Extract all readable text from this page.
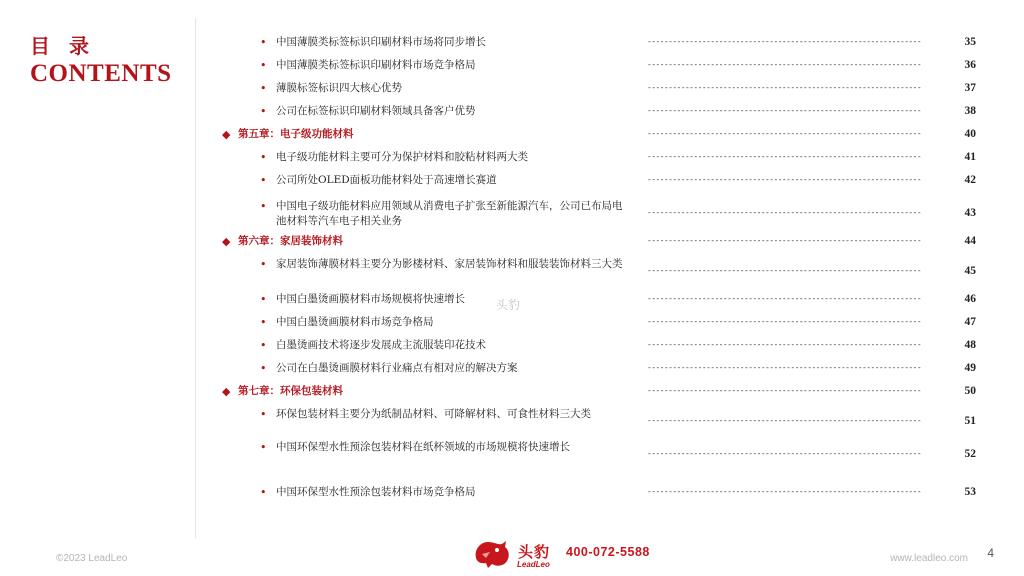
目 录
CONTENTS
• 中国薄膜类标签标识印刷材料市场将同步增长	-----------------------------------------------------------------	35
• 中国薄膜类标签标识印刷材料市场竞争格局	-----------------------------------------------------------------	36
• 薄膜标签标识四大核心优势	-----------------------------------------------------------------	37
• 公司在标签标识印刷材料领域具备客户优势	-----------------------------------------------------------------	38
◆ 第五章：电子级功能材料	-----------------------------------------------------------------	40
• 电子级功能材料主要可分为保护材料和胶粘材料两大类	-----------------------------------------------------------------	41
• 公司所处OLED面板功能材料处于高速增长赛道	-----------------------------------------------------------------	42
• 中国电子级功能材料应用领域从消费电子扩张至新能源汽车，公司已布局电池材料等汽车电子相关业务
-----------------------------------------------------------------	43
◆ 第六章：家居装饰材料	-----------------------------------------------------------------	44
• 家居装饰薄膜材料主要分为影楼材料、家居装饰材料和服装装饰材料三大类
-----------------------------------------------------------------	45
• 中国白墨烫画膜材料市场规模将快速增长	-----------------------------------------------------------------	46
• 中国白墨烫画膜材料市场竞争格局	-----------------------------------------------------------------	47
• 白墨烫画技术将逐步发展成主流服装印花技术	-----------------------------------------------------------------	48
• 公司在白墨烫画膜材料行业痛点有相对应的解决方案	-----------------------------------------------------------------	49
◆ 第七章：环保包装材料	-----------------------------------------------------------------	50
• 环保包装材料主要分为纸制品材料、可降解材料、可食性材料三大类
-----------------------------------------------------------------	51
• 中国环保型水性预涂包装材料在纸杯领域的市场规模将快速增长
-----------------------------------------------------------------	52
• 中国环保型水性预涂包装材料市场竞争格局	-----------------------------------------------------------------	53
头豹
©2023 LeadLeo	头豹
LeadLeo
400-072-5588	www.leadleo.com 4
